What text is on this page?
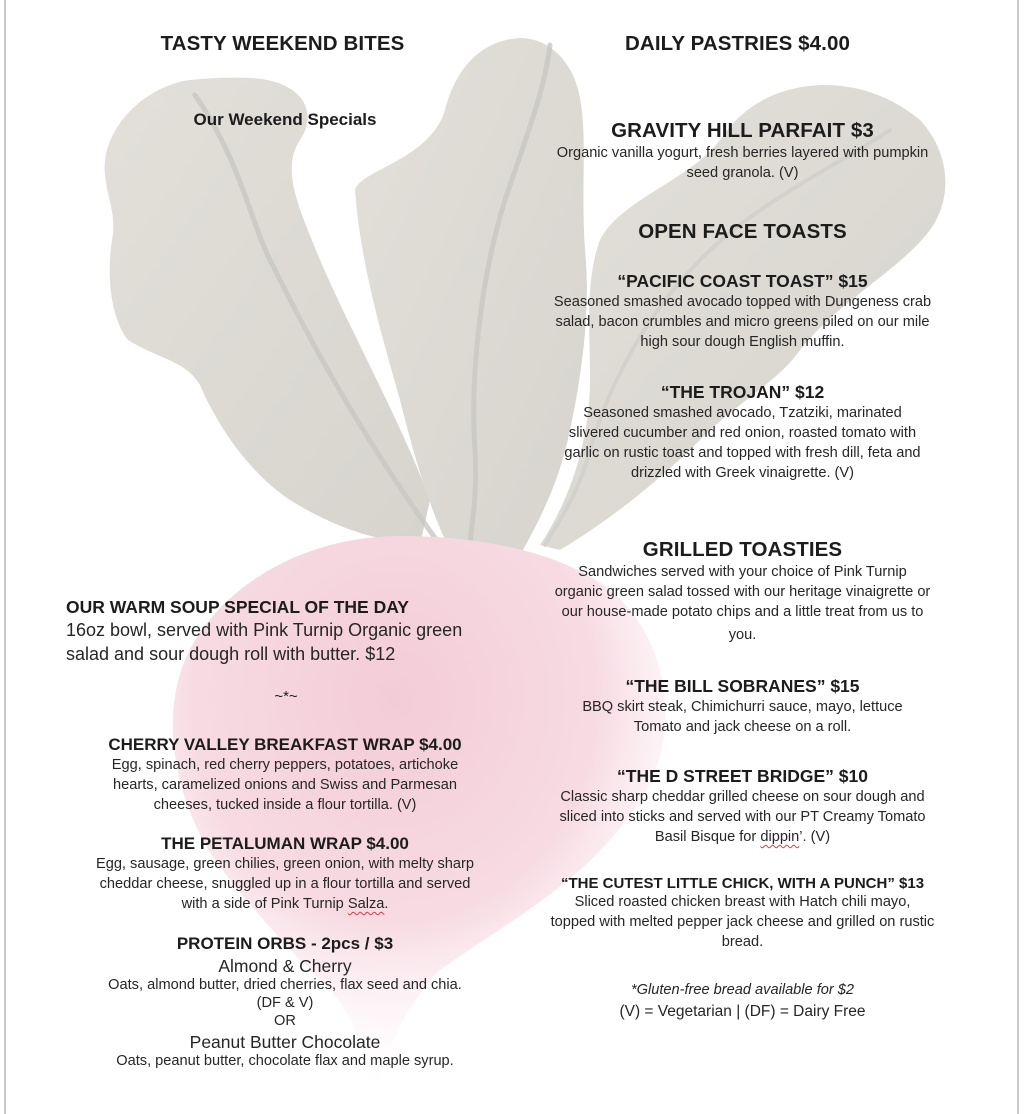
TASTY WEEKEND BITES
Our Weekend Specials
OUR WARM SOUP SPECIAL OF THE DAY
16oz bowl, served with Pink Turnip Organic green
salad and sour dough roll with butter. $12
~*~
CHERRY VALLEY BREAKFAST WRAP $4.00
Egg, spinach, red cherry peppers, potatoes, artichoke
hearts, caramelized onions and Swiss and Parmesan
cheeses, tucked inside a flour tortilla. (V)
THE PETALUMAN WRAP $4.00
Egg, sausage, green chilies, green onion, with melty sharp
cheddar cheese, snuggled up in a flour tortilla and served
with a side of Pink Turnip Salza.
PROTEIN ORBS - 2pcs / $3
Almond & Cherry
Oats, almond butter, dried cherries, flax seed and chia.
(DF & V)
OR
Peanut Butter Chocolate
Oats, peanut butter, chocolate flax and maple syrup.
DAILY PASTRIES $4.00
GRAVITY HILL PARFAIT $3
Organic vanilla yogurt, fresh berries layered with pumpkin
seed granola. (V)
OPEN FACE TOASTS
“PACIFIC COAST TOAST” $15
Seasoned smashed avocado topped with Dungeness crab
salad, bacon crumbles and micro greens piled on our mile
high sour dough English muffin.
“THE TROJAN” $12
Seasoned smashed avocado, Tzatziki, marinated
slivered cucumber and red onion, roasted tomato with
garlic on rustic toast and topped with fresh dill, feta and
drizzled with Greek vinaigrette. (V)
GRILLED TOASTIES
Sandwiches served with your choice of Pink Turnip
organic green salad tossed with our heritage vinaigrette or
our house-made potato chips and a little treat from us to
you.
“THE BILL SOBRANES” $15
BBQ skirt steak, Chimichurri sauce, mayo, lettuce
Tomato and jack cheese on a roll.
“THE D STREET BRIDGE” $10
Classic sharp cheddar grilled cheese on sour dough and
sliced into sticks and served with our PT Creamy Tomato
Basil Bisque for dippin’. (V)
“THE CUTEST LITTLE CHICK, WITH A PUNCH” $13
Sliced roasted chicken breast with Hatch chili mayo,
topped with melted pepper jack cheese and grilled on rustic
bread.
*Gluten-free bread available for $2
(V) = Vegetarian | (DF) = Dairy Free
